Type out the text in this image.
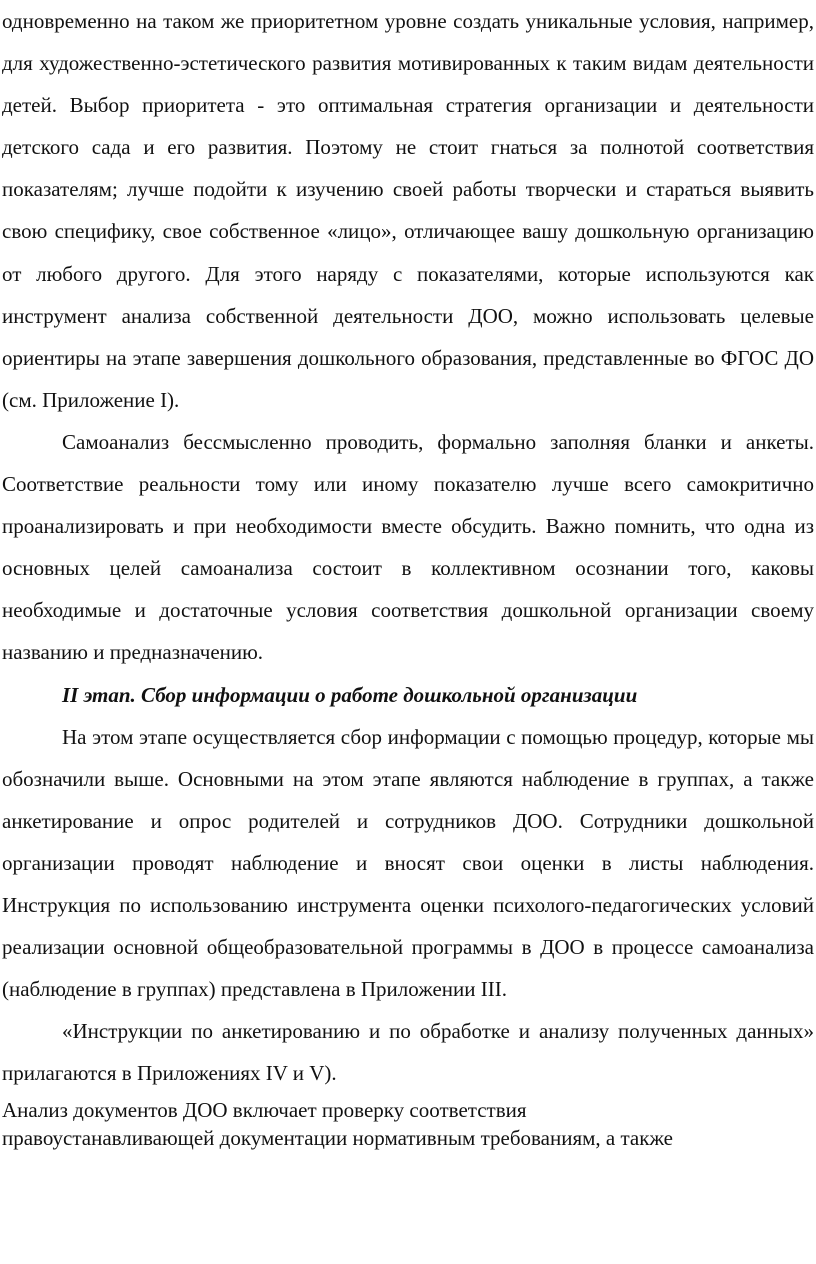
одновременно на таком же приоритетном уровне создать уникальные условия, например, для художественно-эстетического развития мотивированных к таким видам деятельности детей. Выбор приоритета - это оптимальная стратегия организации и деятельности детского сада и его развития. Поэтому не стоит гнаться за полнотой соответствия показателям; лучше подойти к изучению своей работы творчески и стараться выявить свою специфику, свое собственное «лицо», отличающее вашу дошкольную организацию от любого другого. Для этого наряду с показателями, которые используются как инструмент анализа собственной деятельности ДОО, можно использовать целевые ориентиры на этапе завершения дошкольного образования, представленные во ФГОС ДО (см. Приложение I).

Самоанализ бессмысленно проводить, формально заполняя бланки и анкеты. Соответствие реальности тому или иному показателю лучше всего самокритично проанализировать и при необходимости вместе обсудить. Важно помнить, что одна из основных целей самоанализа состоит в коллективном осознании того, каковы необходимые и достаточные условия соответствия дошкольной организации своему названию и предназначению.

II этап. Сбор информации о работе дошкольной организации

На этом этапе осуществляется сбор информации с помощью процедур, которые мы обозначили выше. Основными на этом этапе являются наблюдение в группах, а также анкетирование и опрос родителей и сотрудников ДОО. Сотрудники дошкольной организации проводят наблюдение и вносят свои оценки в листы наблюдения. Инструкция по использованию инструмента оценки психолого-педагогических условий реализации основной общеобразовательной программы в ДОО в процессе самоанализа (наблюдение в группах) представлена в Приложении III.

«Инструкции по анкетированию и по обработке и анализу полученных данных» прилагаются в Приложениях IV и V).

Анализ документов ДОО включает проверку соответствия

правоустанавливающей документации нормативным требованиям, а также
